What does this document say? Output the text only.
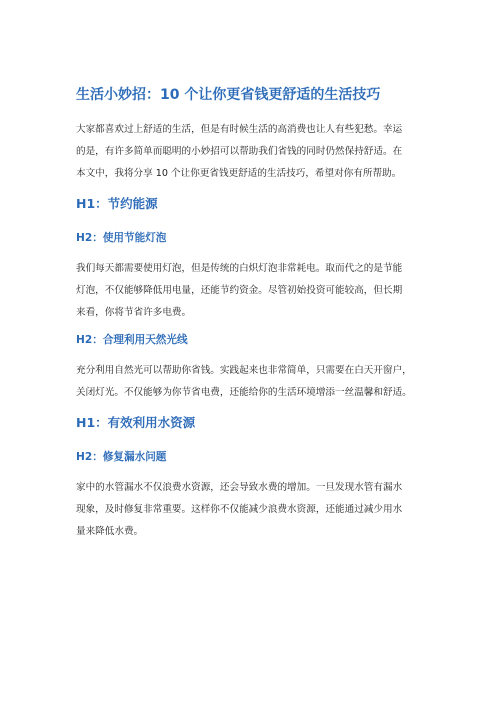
生活小妙招：10 个让你更省钱更舒适的生活技巧

大家都喜欢过上舒适的生活，但是有时候生活的高消费也让人有些犯愁。幸运
的是，有许多简单而聪明的小妙招可以帮助我们省钱的同时仍然保持舒适。在
本文中，我将分享 10 个让你更省钱更舒适的生活技巧，希望对你有所帮助。

H1：节约能源
H2：使用节能灯泡

我们每天都需要使用灯泡，但是传统的白炽灯泡非常耗电。取而代之的是节能
灯泡，不仅能够降低用电量，还能节约资金。尽管初始投资可能较高，但长期
来看，你将节省许多电费。

H2：合理利用天然光线

充分利用自然光可以帮助你省钱。实践起来也非常简单，只需要在白天开窗户，
关闭灯光。不仅能够为你节省电费，还能给你的生活环境增添一丝温馨和舒适。

H1：有效利用水资源
H2：修复漏水问题

家中的水管漏水不仅浪费水资源，还会导致水费的增加。一旦发现水管有漏水
现象，及时修复非常重要。这样你不仅能减少浪费水资源，还能通过减少用水
量来降低水费。
